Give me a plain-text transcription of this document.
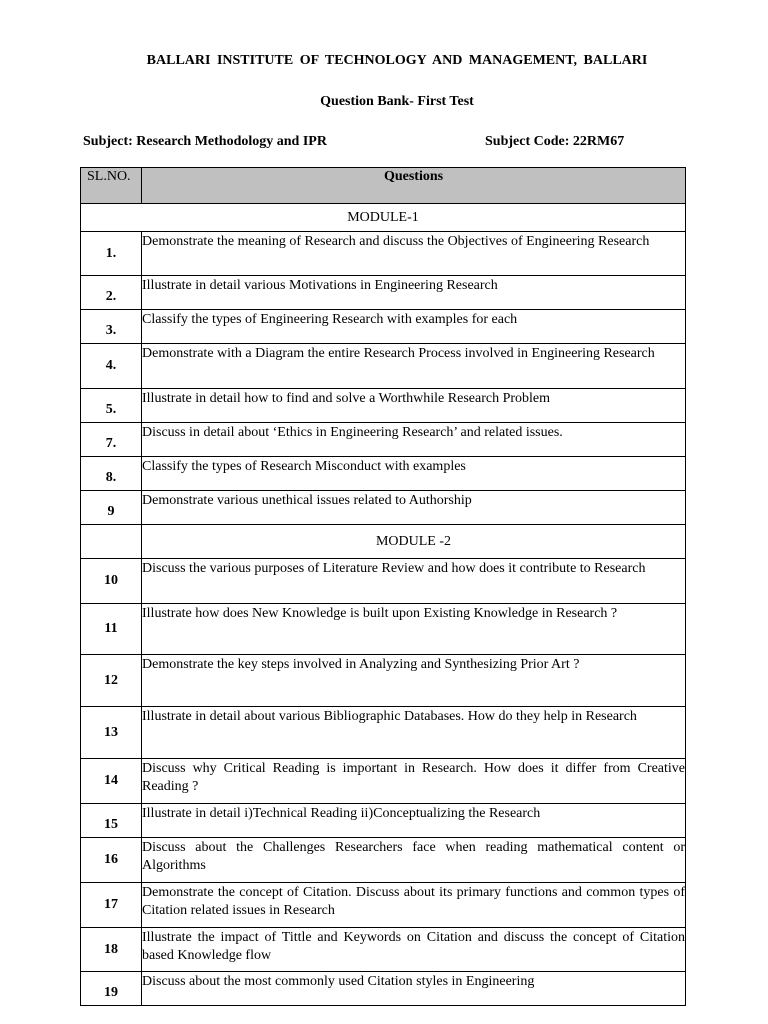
BALLARI INSTITUTE OF TECHNOLOGY AND MANAGEMENT, BALLARI
Question Bank- First Test
Subject: Research Methodology and IPR	Subject Code: 22RM67
SL.NO.	Questions

MODULE-1	
1.	Demonstrate the meaning of Research and discuss the Objectives of Engineering Research
2.	Illustrate in detail various Motivations in Engineering Research
3.	Classify the types of Engineering Research with examples for each
4.	Demonstrate with a Diagram the entire Research Process involved in Engineering Research
5.	Illustrate in detail how to find and solve a Worthwhile Research Problem
7.	Discuss in detail about ‘Ethics in Engineering Research’ and related issues.
8.	Classify the types of Research Misconduct with examples
9	Demonstrate various unethical issues related to Authorship
	MODULE -2
10	Discuss the various purposes of Literature Review and how does it contribute to Research
11	Illustrate how does New Knowledge is built upon Existing Knowledge in Research ?
12	Demonstrate the key steps involved in Analyzing and Synthesizing Prior Art ?
13	Illustrate in detail about various Bibliographic Databases. How do they help in Research
14	Discuss why Critical Reading is important in Research. How does it differ from Creative Reading ?
15	Illustrate in detail i)Technical Reading ii)Conceptualizing the Research
16	Discuss about the Challenges Researchers face when reading mathematical content or Algorithms
17	Demonstrate the concept of Citation. Discuss about its primary functions and common types of Citation related issues in Research
18	Illustrate the impact of Tittle and Keywords on Citation and discuss the concept of Citation based Knowledge flow
19	Discuss about the most commonly used Citation styles in Engineering
